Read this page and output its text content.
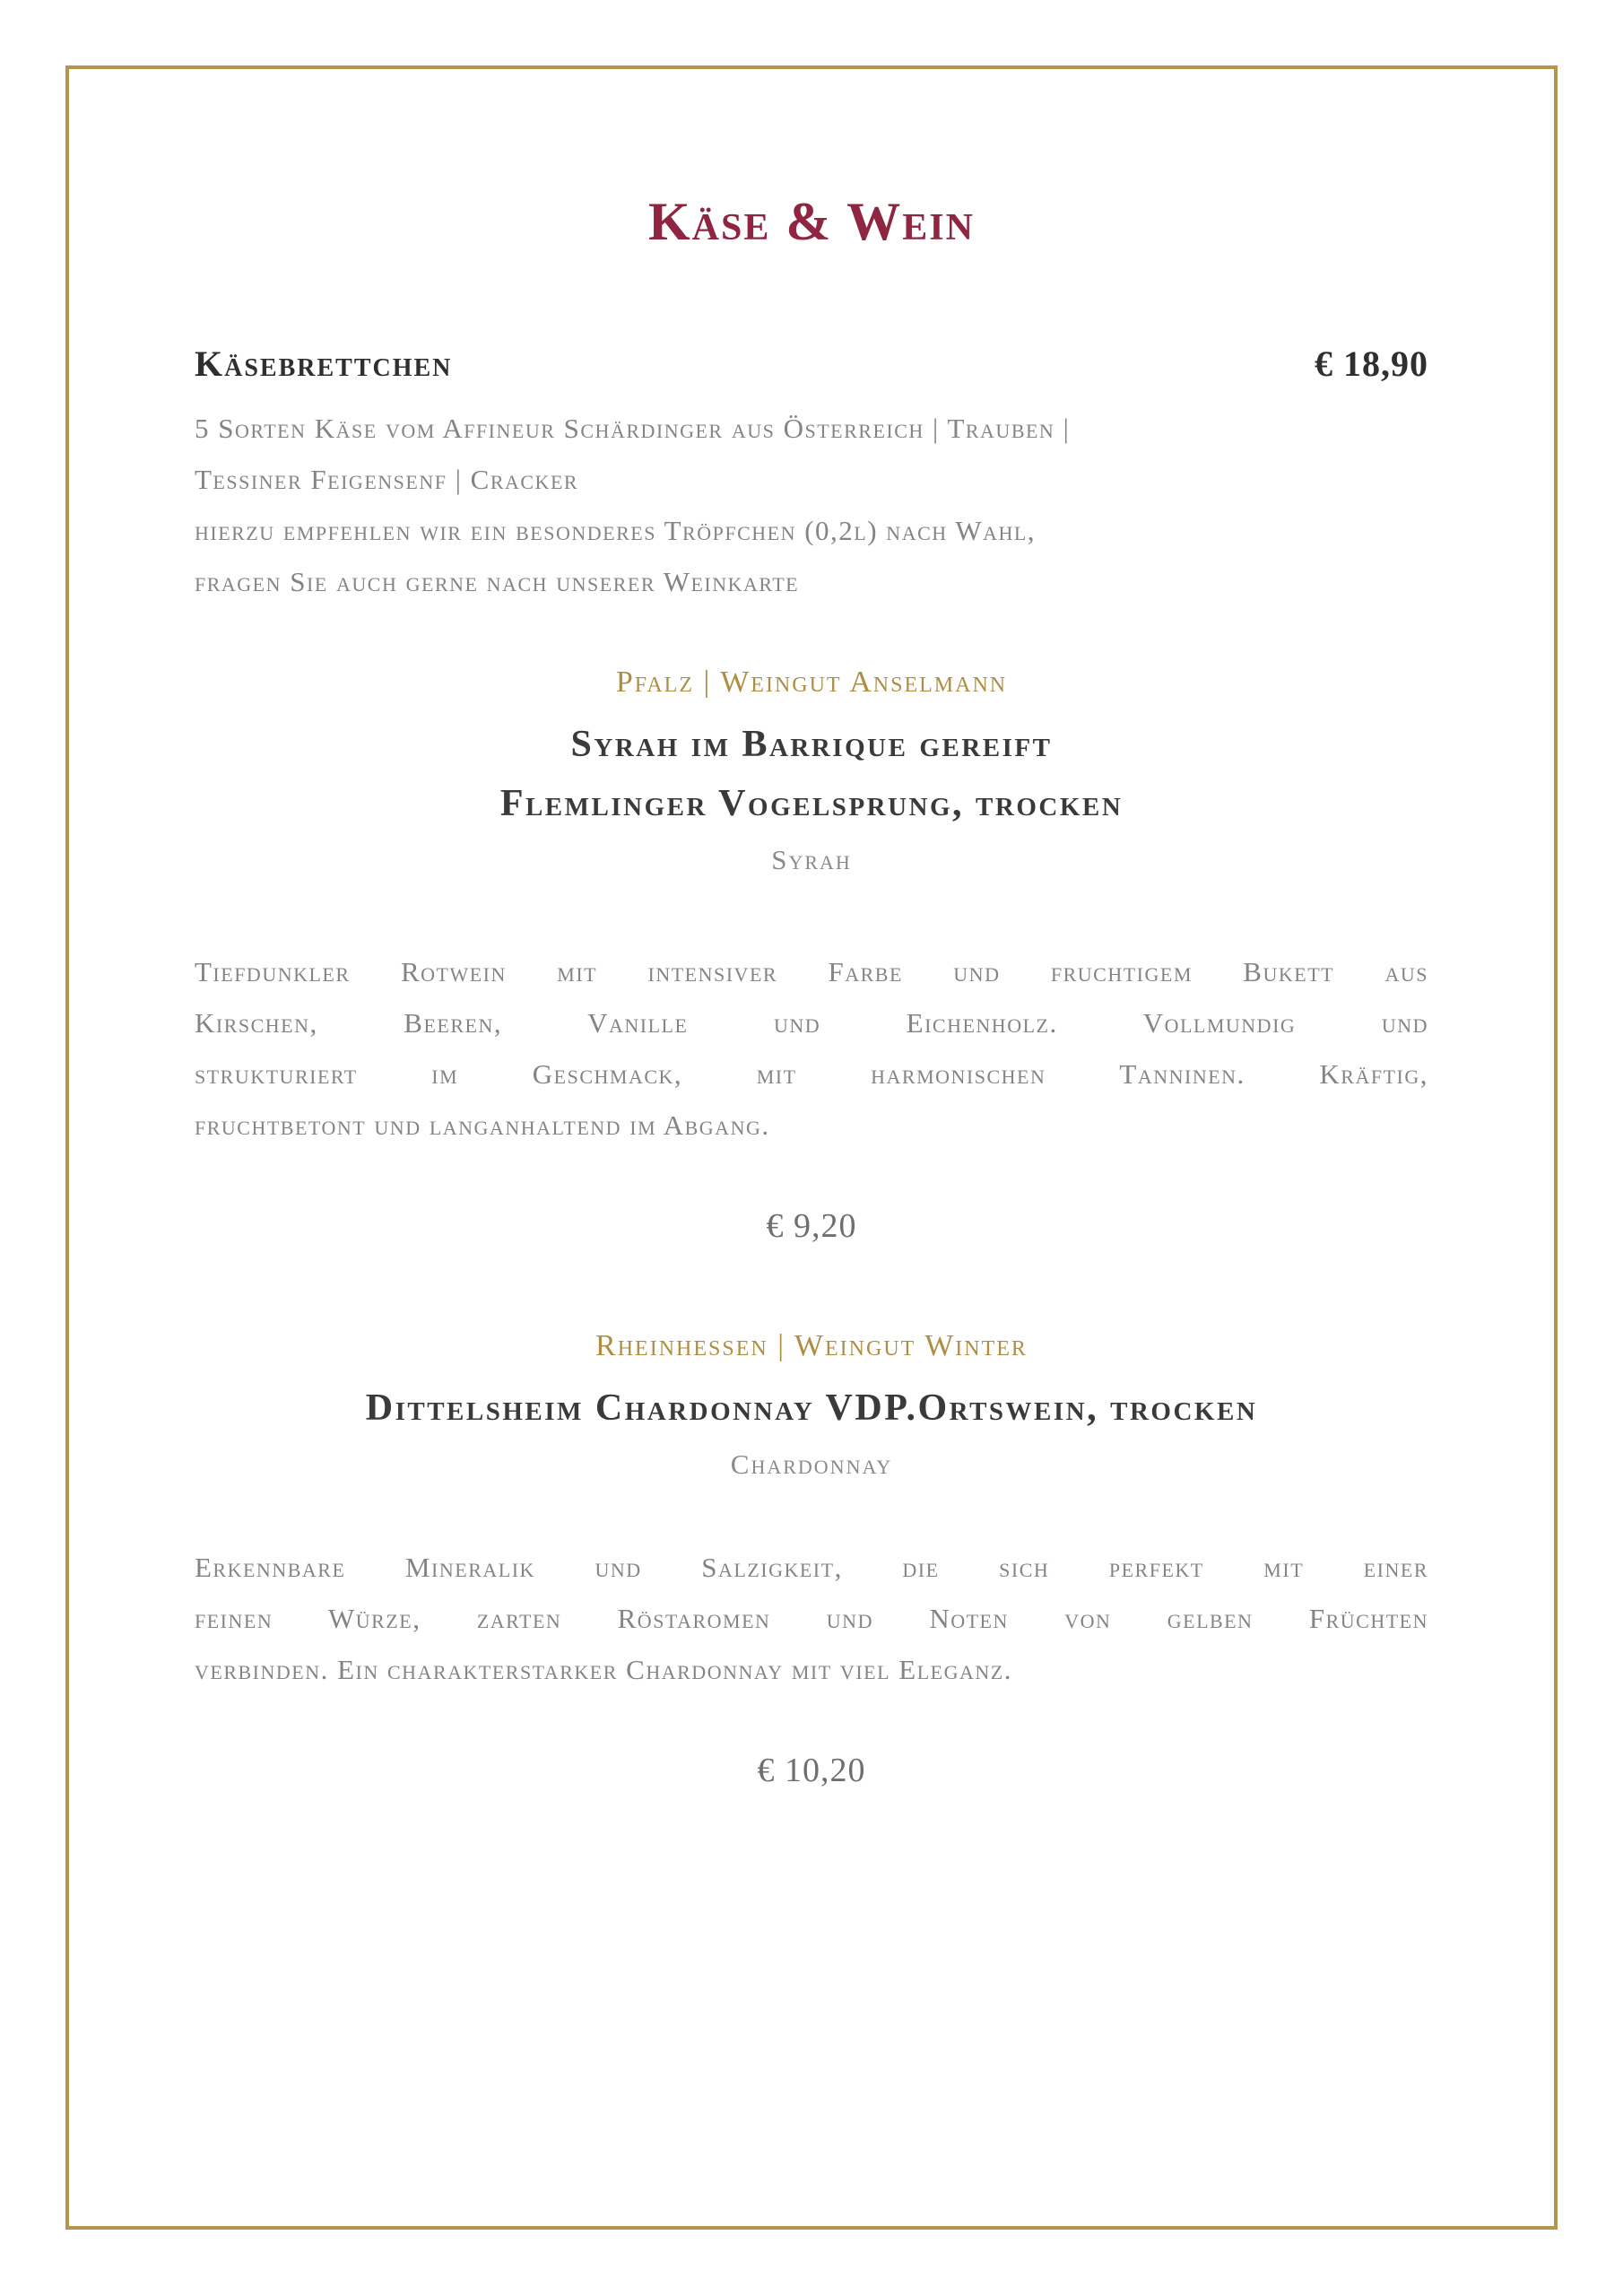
Käse & Wein
Käsebrettchen	€ 18,90
5 Sorten Käse vom Affineur Schärdinger aus Österreich | Trauben |
Tessiner Feigensenf | Cracker
hierzu empfehlen wir ein besonderes Tröpfchen (0,2l) nach Wahl,
fragen Sie auch gerne nach unserer Weinkarte
Pfalz | Weingut Anselmann
Syrah im Barrique gereift
Flemlinger Vogelsprung, trocken
Syrah
Tiefdunkler Rotwein mit intensiver Farbe und fruchtigem Bukett aus
Kirschen, Beeren, Vanille und Eichenholz. Vollmundig und
strukturiert im Geschmack, mit harmonischen Tanninen. Kräftig,
fruchtbetont und langanhaltend im Abgang.
€ 9,20
Rheinhessen | Weingut Winter
Dittelsheim Chardonnay VDP.Ortswein, trocken
Chardonnay
Erkennbare Mineralik und Salzigkeit, die sich perfekt mit einer
feinen Würze, zarten Röstaromen und Noten von gelben Früchten
verbinden. Ein charakterstarker Chardonnay mit viel Eleganz.
€ 10,20
